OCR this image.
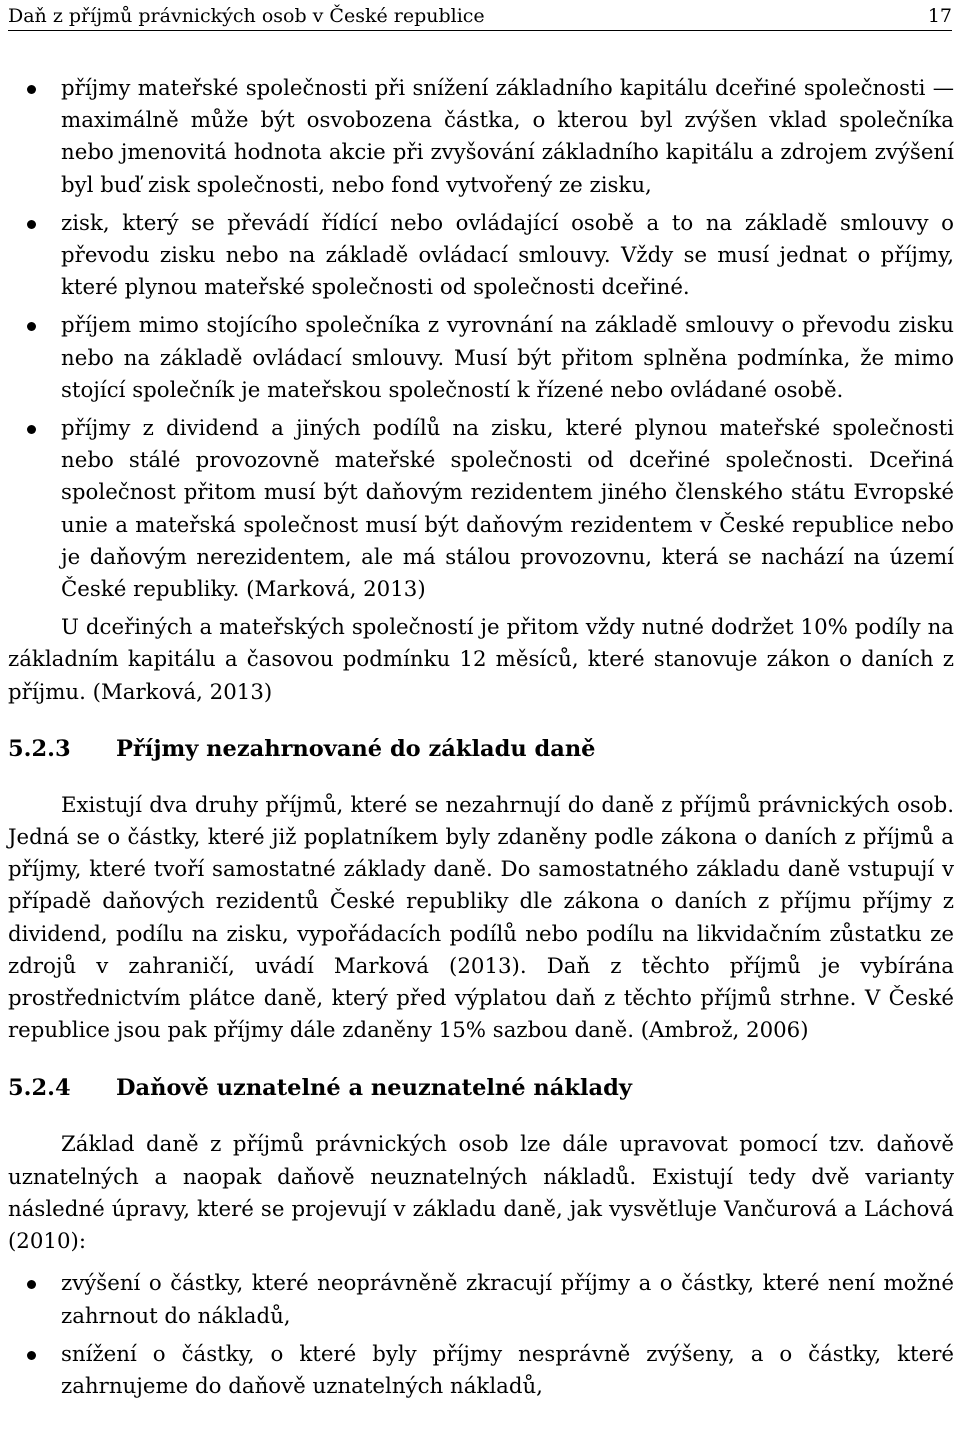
Daň z příjmů právnických osob v České republice	17

příjmy mateřské společnosti při snížení základního kapitálu dceřiné společnosti — maximálně může být osvobozena částka, o kterou byl zvýšen vklad společníka nebo jmenovitá hodnota akcie při zvyšování základního kapitálu a zdrojem zvýšení byl buď zisk společnosti, nebo fond vytvořený ze zisku,

zisk, který se převádí řídící nebo ovládající osobě a to na základě smlouvy o převodu zisku nebo na základě ovládací smlouvy. Vždy se musí jednat o příjmy, které plynou mateřské společnosti od společnosti dceřiné.

příjem mimo stojícího společníka z vyrovnání na základě smlouvy o převodu zisku nebo na základě ovládací smlouvy. Musí být přitom splněna podmínka, že mimo stojící společník je mateřskou společností k řízené nebo ovládané osobě.

příjmy z dividend a jiných podílů na zisku, které plynou mateřské společnosti nebo stálé provozovně mateřské společnosti od dceřiné společnosti. Dceřiná společnost přitom musí být daňovým rezidentem jiného členského státu Evropské unie a mateřská společnost musí být daňovým rezidentem v České republice nebo je daňovým nerezidentem, ale má stálou provozovnu, která se nachází na území České republiky. (Marková, 2013)

U dceřiných a mateřských společností je přitom vždy nutné dodržet 10% podíly na základním kapitálu a časovou podmínku 12 měsíců, které stanovuje zákon o daních z příjmu. (Marková, 2013)

5.2.3 Příjmy nezahrnované do základu daně

Existují dva druhy příjmů, které se nezahrnují do daně z příjmů právnických osob. Jedná se o částky, které již poplatníkem byly zdaněny podle zákona o daních z příjmů a příjmy, které tvoří samostatné základy daně. Do samostatného základu daně vstupují v případě daňových rezidentů České republiky dle zákona o daních z příjmu příjmy z dividend, podílu na zisku, vypořádacích podílů nebo podílu na likvidačním zůstatku ze zdrojů v zahraničí, uvádí Marková (2013). Daň z těchto příjmů je vybírána prostřednictvím plátce daně, který před výplatou daň z těchto příjmů strhne. V České republice jsou pak příjmy dále zdaněny 15% sazbou daně. (Ambrož, 2006)

5.2.4 Daňově uznatelné a neuznatelné náklady

Základ daně z příjmů právnických osob lze dále upravovat pomocí tzv. daňově uznatelných a naopak daňově neuznatelných nákladů. Existují tedy dvě varianty následné úpravy, které se projevují v základu daně, jak vysvětluje Vančurová a Láchová (2010):

zvýšení o částky, které neoprávněně zkracují příjmy a o částky, které není možné zahrnout do nákladů,

snížení o částky, o které byly příjmy nesprávně zvýšeny, a o částky, které zahrnujeme do daňově uznatelných nákladů,
